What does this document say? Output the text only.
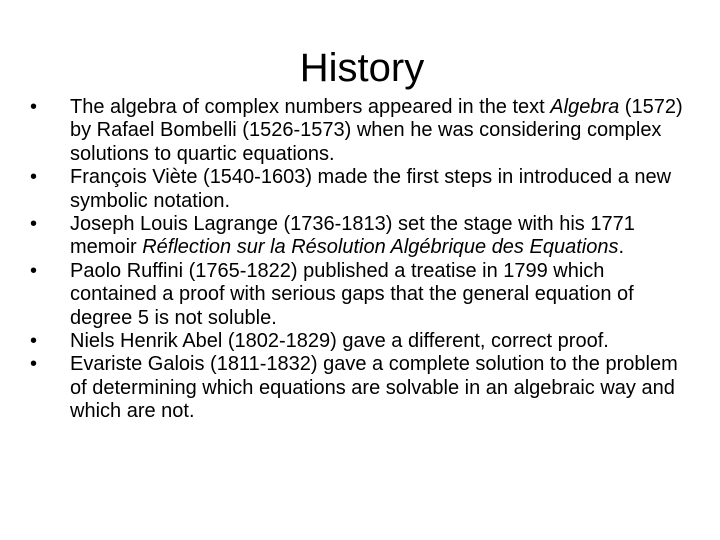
History
• The algebra of complex numbers appeared in the text Algebra (1572) by Rafael Bombelli (1526-1573) when he was considering complex solutions to quartic equations.
• François Viète (1540-1603) made the first steps in introduced a new symbolic notation.
• Joseph Louis Lagrange (1736-1813) set the stage with his 1771 memoir Réflection sur la Résolution Algébrique des Equations.
• Paolo Ruffini (1765-1822) published a treatise in 1799 which contained a proof with serious gaps that the general equation of degree 5 is not soluble.
• Niels Henrik Abel (1802-1829) gave a different, correct proof.
• Evariste Galois (1811-1832) gave a complete solution to the problem of determining which equations are solvable in an algebraic way and which are not.
